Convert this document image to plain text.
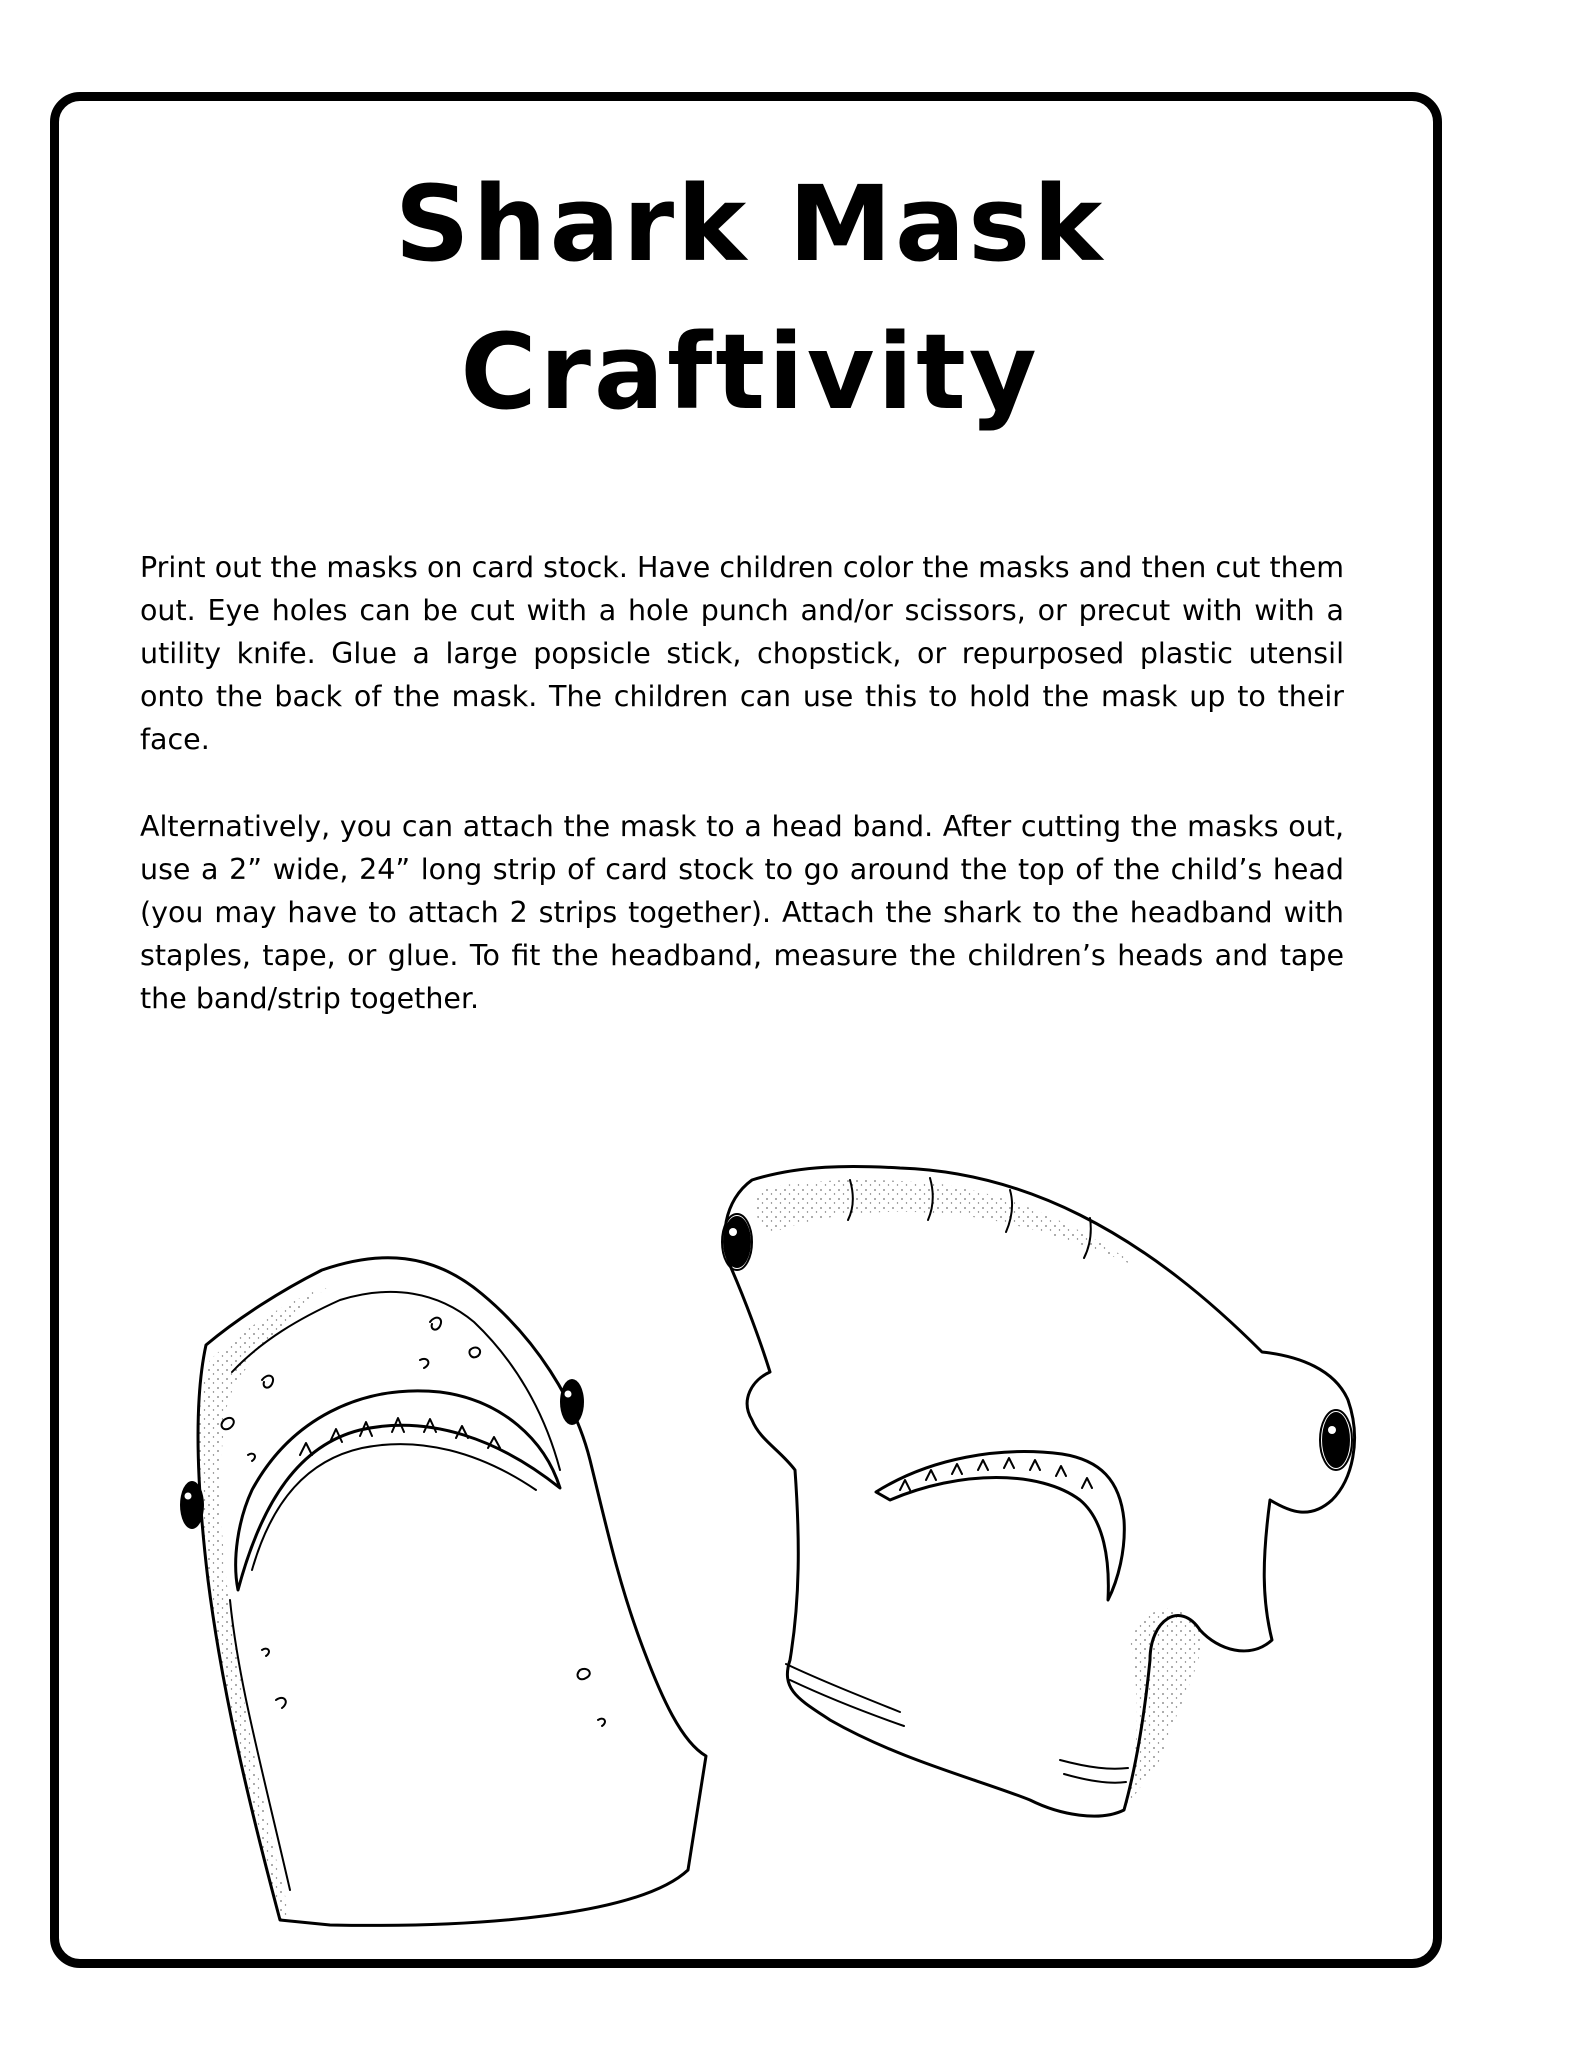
Shark Mask
Craftivity

Print out the masks on card stock. Have children color the masks and then cut them out. Eye holes can be cut with a hole punch and/or scissors, or precut with with a utility knife. Glue a large popsicle stick, chopstick, or repurposed plastic utensil onto the back of the mask. The children can use this to hold the mask up to their face.

Alternatively, you can attach the mask to a head band. After cutting the masks out, use a 2” wide, 24” long strip of card stock to go around the top of the child’s head (you may have to attach 2 strips together). Attach the shark to the headband with staples, tape, or glue. To fit the headband, measure the children’s heads and tape the band/strip together.
